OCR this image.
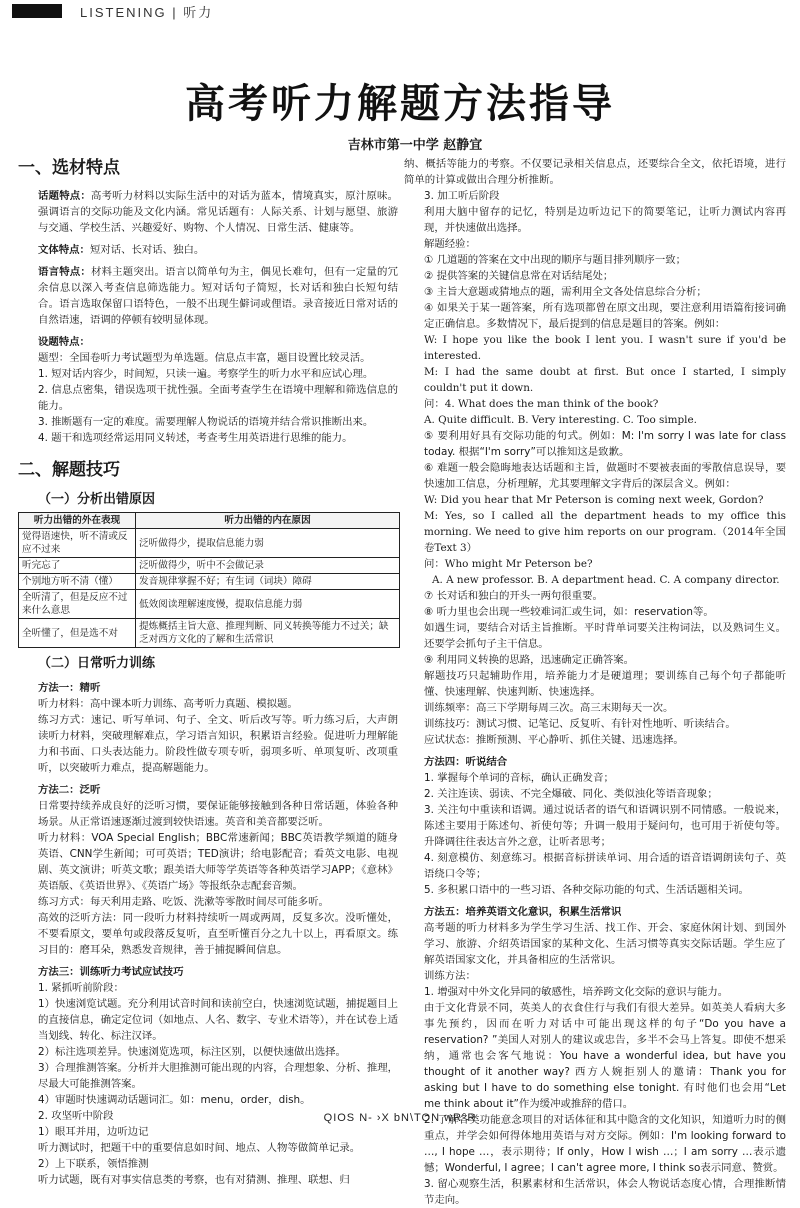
LISTENING | 听力
高考听力解题方法指导
吉林市第一中学 赵静宜
一、选材特点
话题特点：高考听力材料以实际生活中的对话为蓝本，情境真实，原汁原味。强调语言的交际功能及文化内涵。常见话题有：人际关系、计划与愿望、旅游与交通、学校生活、兴趣爱好、购物、个人情况、日常生活、健康等。
文体特点：短对话、长对话、独白。
语言特点：材料主题突出。语言以简单句为主，偶见长难句，但有一定量的冗余信息以深入考查信息筛选能力。短对话句子简短，长对话和独白长短句结合。语言选取保留口语特色，一般不出现生僻词或俚语。录音接近日常对话的自然语速，语调的停顿有较明显体现。
设题特点：
题型：全国卷听力考试题型为单选题。信息点丰富，题目设置比较灵活。
1. 短对话内容少，时间短，只读一遍。考察学生的听力水平和应试心理。
2. 信息点密集，错误选项干扰性强。全面考查学生在语境中理解和筛选信息的能力。
3. 推断题有一定的难度。需要理解人物说话的语境并结合常识推断出来。
4. 题干和选项经常运用同义转述，考查考生用英语进行思维的能力。
二、解题技巧
（一）分析出错原因
听力出错的外在表现	听力出错的内在原因
觉得语速快，听不清或反应不过来	泛听做得少，提取信息能力弱
听完忘了	泛听做得少，听中不会做记录
个别地方听不清（懂）	发音规律掌握不好；有生词（词块）障碍
全听清了，但是反应不过来什么意思	低效阅读理解速度慢，提取信息能力弱
全听懂了，但是选不对	提炼概括主旨大意、推理判断、同义转换等能力不过关；缺乏对西方文化的了解和生活常识
（二）日常听力训练
方法一：精听
听力材料：高中课本听力训练、高考听力真题、模拟题。
练习方式：速记、听写单词、句子、全文、听后改写等。听力练习后，大声朗读听力材料，突破理解难点，学习语言知识，积累语言经验。促进听力理解能力和书面、口头表达能力。阶段性做专项专听，弱项多听、单项复听、改项重听，以突破听力难点，提高解题能力。
方法二：泛听
日常要持续养成良好的泛听习惯，要保证能够接触到各种日常话题，体验各种场景。从正常语速逐渐过渡到较快语速。英音和美音都要泛听。
听力材料：VOA Special English；BBC常速新闻；BBC英语教学频道的随身英语、CNN学生新闻；可可英语；TED演讲；给电影配音；看英文电影、电视剧、英文演讲；听英文歌；跟美语大师等学英语等各种英语学习APP；《意林》英语版、《英语世界》、《英语广场》等报纸杂志配套音频。
练习方式：每天利用走路、吃饭、洗漱等零散时间尽可能多听。
高效的泛听方法：同一段听力材料持续听一周或两周，反复多次。没听懂处，不要看原文，要单句或段落反复听，直至听懂百分之九十以上，再看原文。练习目的：磨耳朵，熟悉发音规律，善于捕捉瞬间信息。
方法三：训练听力考试应试技巧
1. 紧抓听前阶段：
1）快速浏览试题。充分利用试音时间和读前空白，快速浏览试题，捕捉题目上的直接信息，确定定位词（如地点、人名、数字、专业术语等），并在试卷上适当划线、转化、标注汉译。
2）标注选项差异。快速浏览选项，标注区别，以便快速做出选择。
3）合理推测答案。分析并大胆推测可能出现的内容，合理想象、分析、推理，尽最大可能推测答案。
4）审题时快速调动话题词汇。如：menu，order，dish。
2. 攻坚听中阶段
1）眼耳并用，边听边记
听力测试时，把题干中的重要信息如时间、地点、人物等做简单记录。
2）上下联系，领悟推测
听力试题，既有对事实信息类的考察，也有对猜测、推理、联想、归
纳、概括等能力的考察。不仅要记录相关信息点，还要综合全文，依托语境，进行简单的计算或做出合理分析推断。
3. 加工听后阶段
利用大脑中留存的记忆，特别是边听边记下的简要笔记，让听力测试内容再现，并快速做出选择。
解题经验：
① 几道题的答案在文中出现的顺序与题目排列顺序一致；
② 提供答案的关键信息常在对话结尾处；
③ 主旨大意题或猜地点的题，需利用全文各处信息综合分析；
④ 如果关于某一题答案，所有选项都曾在原文出现，要注意利用语篇衔接词确定正确信息。多数情况下，最后提到的信息是题目的答案。例如：
W: I hope you like the book I lent you. I wasn't sure if you'd be interested.
M: I had the same doubt at first. But once I started, I simply couldn't put it down.
问：4. What does the man think of the book?
A. Quite difficult. B. Very interesting. C. Too simple.
⑤ 要利用好具有交际功能的句式。例如：M: I'm sorry I was late for class today. 根据“I'm sorry”可以推知这是致歉。
⑥ 难题一般会隐晦地表达话题和主旨，做题时不要被表面的零散信息误导，要快速加工信息，分析理解，尤其要理解文字背后的深层含义。例如：
W: Did you hear that Mr Peterson is coming next week, Gordon?
M: Yes, so I called all the department heads to my office this morning. We need to give him reports on our program.（2014年全国卷Text 3）
问：Who might Mr Peterson be?
A. A new professor. B. A department head. C. A company director.
⑦ 长对话和独白的开头一两句很重要。
⑧ 听力里也会出现一些较难词汇或生词，如：reservation等。
如遇生词，要结合对话主旨推断。平时背单词要关注构词法，以及熟词生义。还要学会抓句子主干信息。
⑨ 利用同义转换的思路，迅速确定正确答案。
解题技巧只起辅助作用，培养能力才是硬道理；要训练自己每个句子都能听懂、快速理解、快速判断、快速选择。
训练频率：高三下学期每周三次。高三末期每天一次。
训练技巧：测试习惯、记笔记、反复听、有针对性地听、听读结合。
应试状态：推断预测、平心静听、抓住关键、迅速选择。
方法四：听说结合
1. 掌握每个单词的音标，确认正确发音；
2. 关注连读、弱读、不完全爆破、同化、类似浊化等语音现象；
3. 关注句中重读和语调。通过说话者的语气和语调识别不同情感。一般说来，陈述主要用于陈述句、祈使句等；升调一般用于疑问句，也可用于祈使句等。升降调往往表达言外之意，让听者思考；
4. 刻意模仿、刻意练习。根据音标拼读单词、用合适的语音语调朗读句子、英语绕口令等；
5. 多积累口语中的一些习语、各种交际功能的句式、生活话题相关词。
方法五：培养英语文化意识，积累生活常识
高考题的听力材料多为学生学习生活、找工作、开会、家庭休闲计划、到国外学习、旅游、介绍英语国家的某种文化、生活习惯等真实交际话题。学生应了解英语国家文化，并具备相应的生活常识。
训练方法：
1. 增强对中外文化异同的敏感性，培养跨文化交际的意识与能力。
由于文化背景不同，英美人的衣食住行与我们有很大差异。如英美人看病大多事先预约，因而在听力对话中可能出现这样的句子“Do you have a reservation? ”美国人对别人的建议或忠告，多半不会马上答复。即使不想采纳，通常也会客气地说：You have a wonderful idea, but have you thought of it another way? 西方人婉拒别人的邀请：Thank you for asking but I have to do something else tonight. 有时他们也会用“Let me think about it”作为缓冲或推辞的借口。
2. 了解各类功能意念项目的对话体征和其中隐含的文化知识，知道听力时的侧重点，并学会如何得体地用英语与对方交际。例如：I'm looking forward to …, I hope …，表示期待；If only，How I wish …；I am sorry …表示遗憾；Wonderful, I agree；I can't agree more, I think so表示同意、赞赏。
3. 留心观察生活，积累素材和生活常识，体会人物说话态度心情，合理推断情节走向。
QIOS N- ›X bN\TON wR°R
